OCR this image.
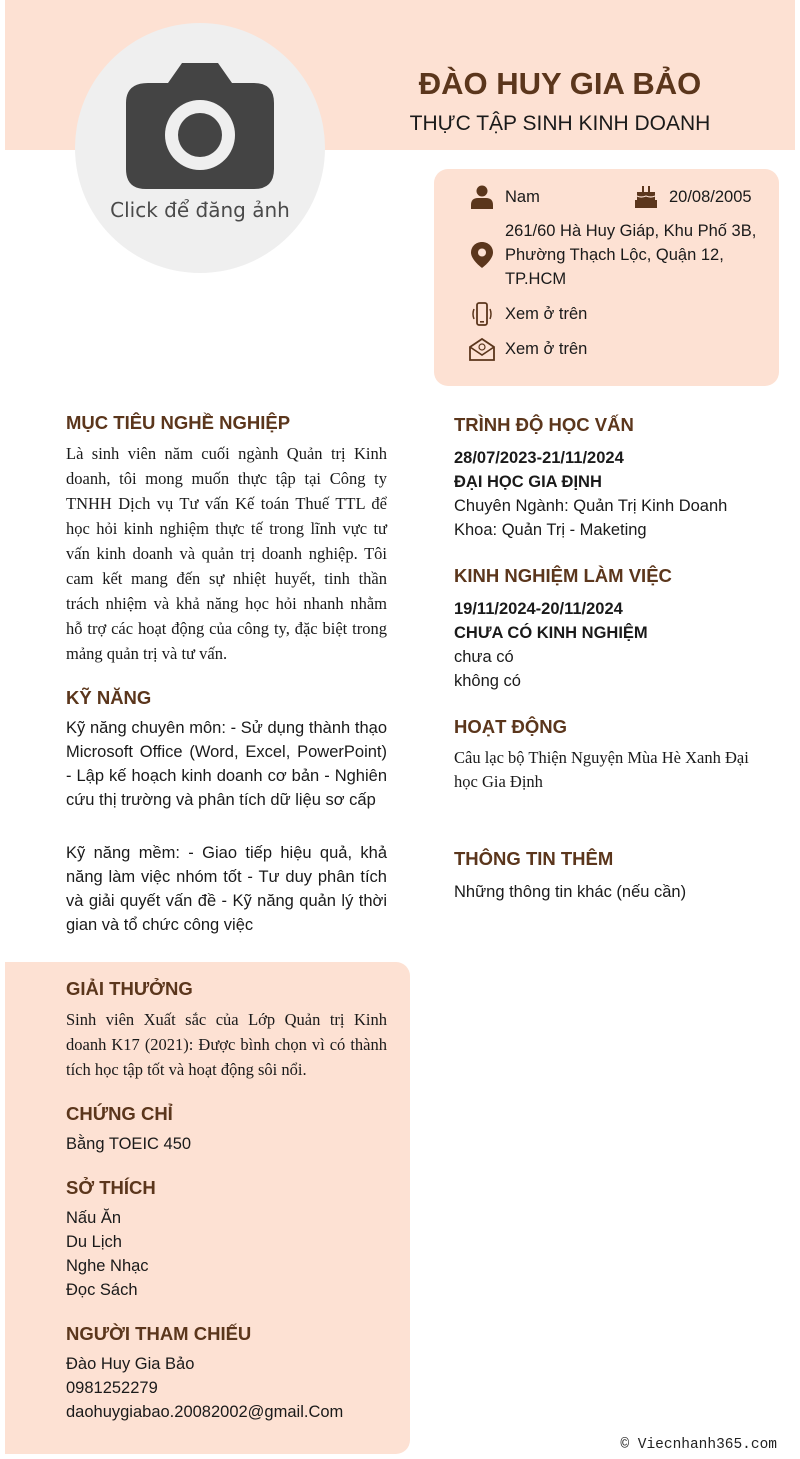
Click để đăng ảnh
ĐÀO HUY GIA BẢO
THỰC TẬP SINH KINH DOANH
Nam	20/08/2005
261/60 Hà Huy Giáp, Khu Phố 3B, Phường Thạch Lộc, Quận 12, TP.HCM
Xem ở trên
Xem ở trên
MỤC TIÊU NGHỀ NGHIỆP
Là sinh viên năm cuối ngành Quản trị Kinh doanh, tôi mong muốn thực tập tại Công ty TNHH Dịch vụ Tư vấn Kế toán Thuế TTL để học hỏi kinh nghiệm thực tế trong lĩnh vực tư vấn kinh doanh và quản trị doanh nghiệp. Tôi cam kết mang đến sự nhiệt huyết, tinh thần trách nhiệm và khả năng học hỏi nhanh nhằm hỗ trợ các hoạt động của công ty, đặc biệt trong mảng quản trị và tư vấn.
KỸ NĂNG
Kỹ năng chuyên môn: - Sử dụng thành thạo Microsoft Office (Word, Excel, PowerPoint) - Lập kế hoạch kinh doanh cơ bản - Nghiên cứu thị trường và phân tích dữ liệu sơ cấp
Kỹ năng mềm: - Giao tiếp hiệu quả, khả năng làm việc nhóm tốt - Tư duy phân tích và giải quyết vấn đề - Kỹ năng quản lý thời gian và tổ chức công việc
GIẢI THƯỞNG
Sinh viên Xuất sắc của Lớp Quản trị Kinh doanh K17 (2021): Được bình chọn vì có thành tích học tập tốt và hoạt động sôi nổi.
CHỨNG CHỈ
Bằng TOEIC 450
SỞ THÍCH
Nấu Ăn
Du Lịch
Nghe Nhạc
Đọc Sách
NGƯỜI THAM CHIẾU
Đào Huy Gia Bảo
0981252279
daohuygiabao.20082002@gmail.Com
TRÌNH ĐỘ HỌC VẤN
28/07/2023-21/11/2024
ĐẠI HỌC GIA ĐỊNH
Chuyên Ngành: Quản Trị Kinh Doanh
Khoa: Quản Trị - Maketing
KINH NGHIỆM LÀM VIỆC
19/11/2024-20/11/2024
CHƯA CÓ KINH NGHIỆM
chưa có
không có
HOẠT ĐỘNG
Câu lạc bộ Thiện Nguyện Mùa Hè Xanh Đại học Gia Định
THÔNG TIN THÊM
Những thông tin khác (nếu cần)
© Viecnhanh365.com
